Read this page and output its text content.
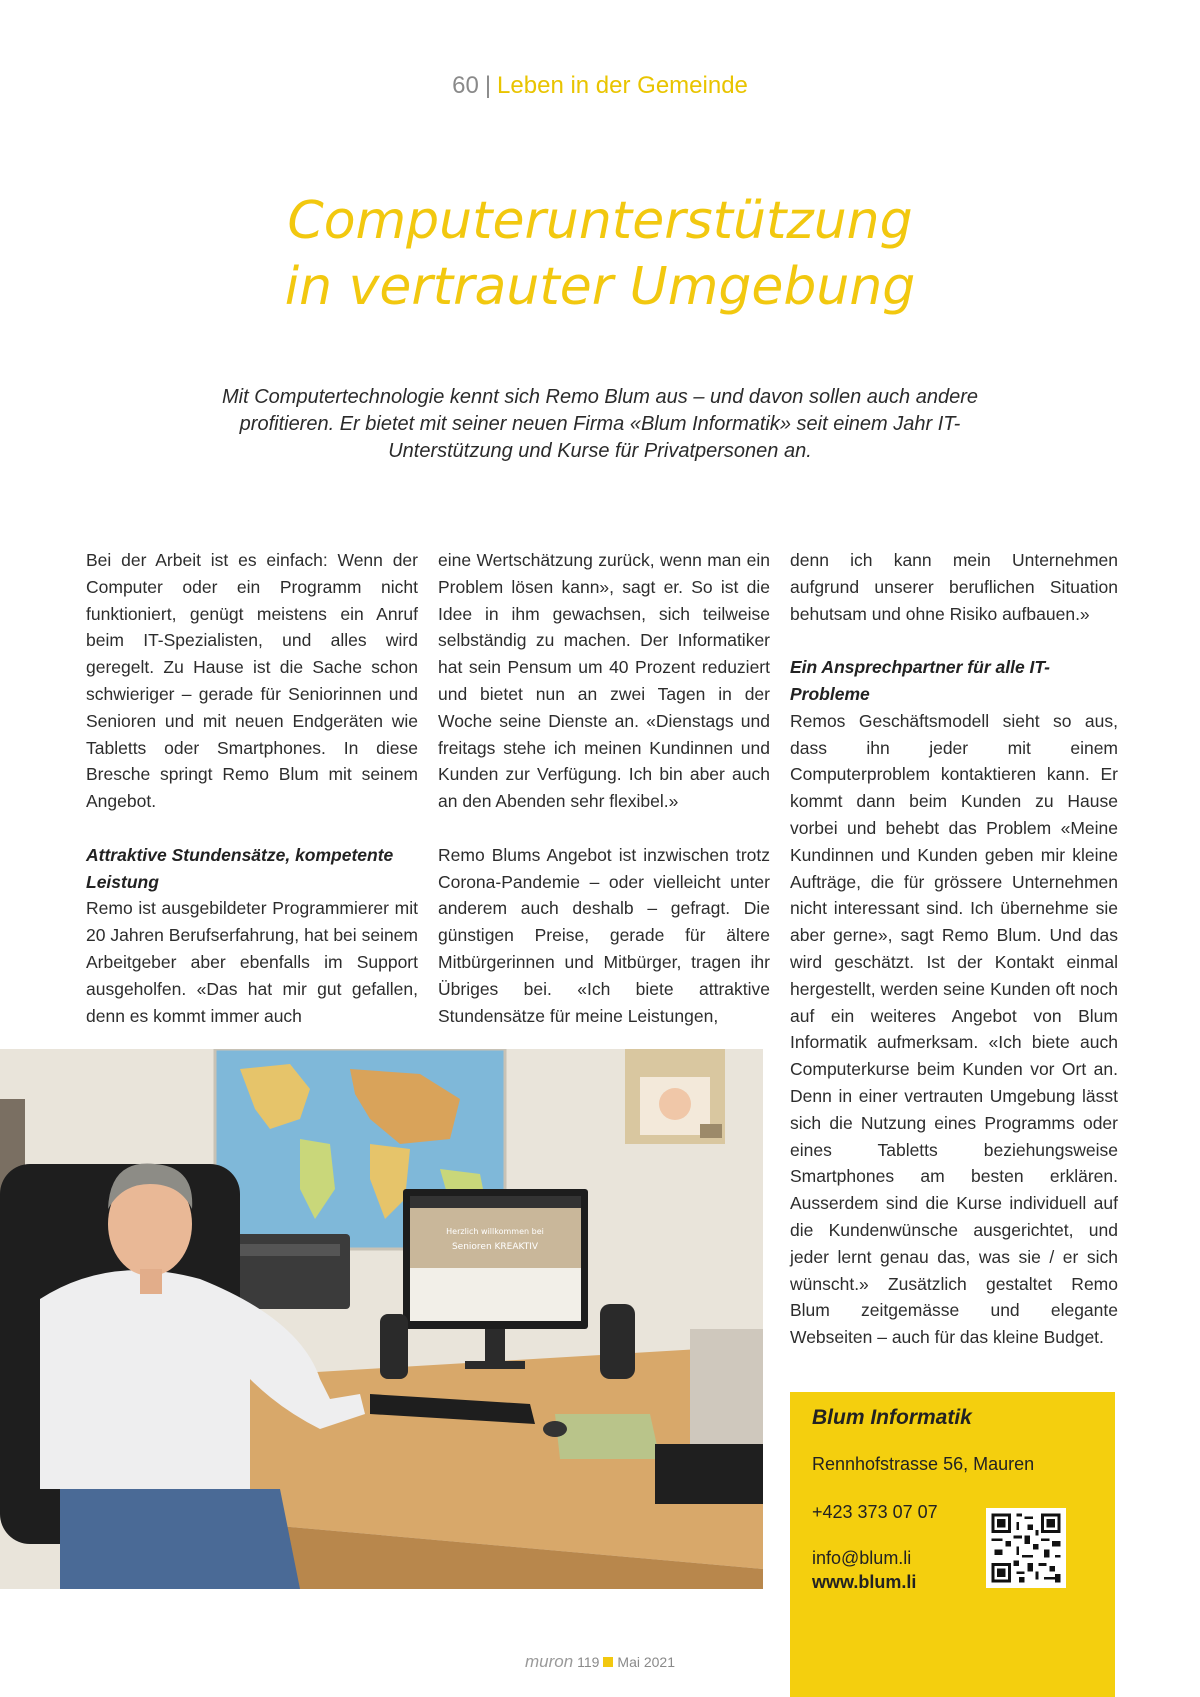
60 | Leben in der Gemeinde
Computerunterstützung
in vertrauter Umgebung

Mit Computertechnologie kennt sich Remo Blum aus – und davon sollen auch andere profitieren. Er bietet mit seiner neuen Firma «Blum Informatik» seit einem Jahr IT-Unterstützung und Kurse für Privatpersonen an.

Bei der Arbeit ist es einfach: Wenn der Computer oder ein Programm nicht funktioniert, genügt meistens ein Anruf beim IT-Spezialisten, und alles wird geregelt. Zu Hause ist die Sache schon schwieriger – gerade für Seniorinnen und Senioren und mit neuen Endgeräten wie Tabletts oder Smartphones. In diese Bresche springt Remo Blum mit seinem Angebot.

Attraktive Stundensätze, kompetente Leistung

Remo ist ausgebildeter Programmierer mit 20 Jahren Berufserfahrung, hat bei seinem Arbeitgeber aber ebenfalls im Support ausgeholfen. «Das hat mir gut gefallen, denn es kommt immer auch

eine Wertschätzung zurück, wenn man ein Problem lösen kann», sagt er. So ist die Idee in ihm gewachsen, sich teilweise selbständig zu machen. Der Informatiker hat sein Pensum um 40 Prozent reduziert und bietet nun an zwei Tagen in der Woche seine Dienste an. «Dienstags und freitags stehe ich meinen Kundinnen und Kunden zur Verfügung. Ich bin aber auch an den Abenden sehr flexibel.»

Remo Blums Angebot ist inzwischen trotz Corona-Pandemie – oder vielleicht unter anderem auch deshalb – gefragt. Die günstigen Preise, gerade für ältere Mitbürgerinnen und Mitbürger, tragen ihr Übriges bei. «Ich biete attraktive Stundensätze für meine Leistungen,

denn ich kann mein Unternehmen aufgrund unserer beruflichen Situation behutsam und ohne Risiko aufbauen.»

Ein Ansprechpartner für alle IT-Probleme

Remos Geschäftsmodell sieht so aus, dass ihn jeder mit einem Computerproblem kontaktieren kann. Er kommt dann beim Kunden zu Hause vorbei und behebt das Problem «Meine Kundinnen und Kunden geben mir kleine Aufträge, die für grössere Unternehmen nicht interessant sind. Ich übernehme sie aber gerne», sagt Remo Blum. Und das wird geschätzt. Ist der Kontakt einmal hergestellt, werden seine Kunden oft noch auf ein weiteres Angebot von Blum Informatik aufmerksam. «Ich biete auch Computerkurse beim Kunden vor Ort an. Denn in einer vertrauten Umgebung lässt sich die Nutzung eines Programms oder eines Tabletts beziehungsweise Smartphones am besten erklären. Ausserdem sind die Kurse individuell auf die Kundenwünsche ausgerichtet, und jeder lernt genau das, was sie / er sich wünscht.» Zusätzlich gestaltet Remo Blum zeitgemässe und elegante Webseiten – auch für das kleine Budget.

Herzlich willkommen bei
Senioren KREAKTIV
Blum Informatik
Rennhofstrasse 56, Mauren
+423 373 07 07
info@blum.li
www.blum.li
muron 119 Mai 2021
